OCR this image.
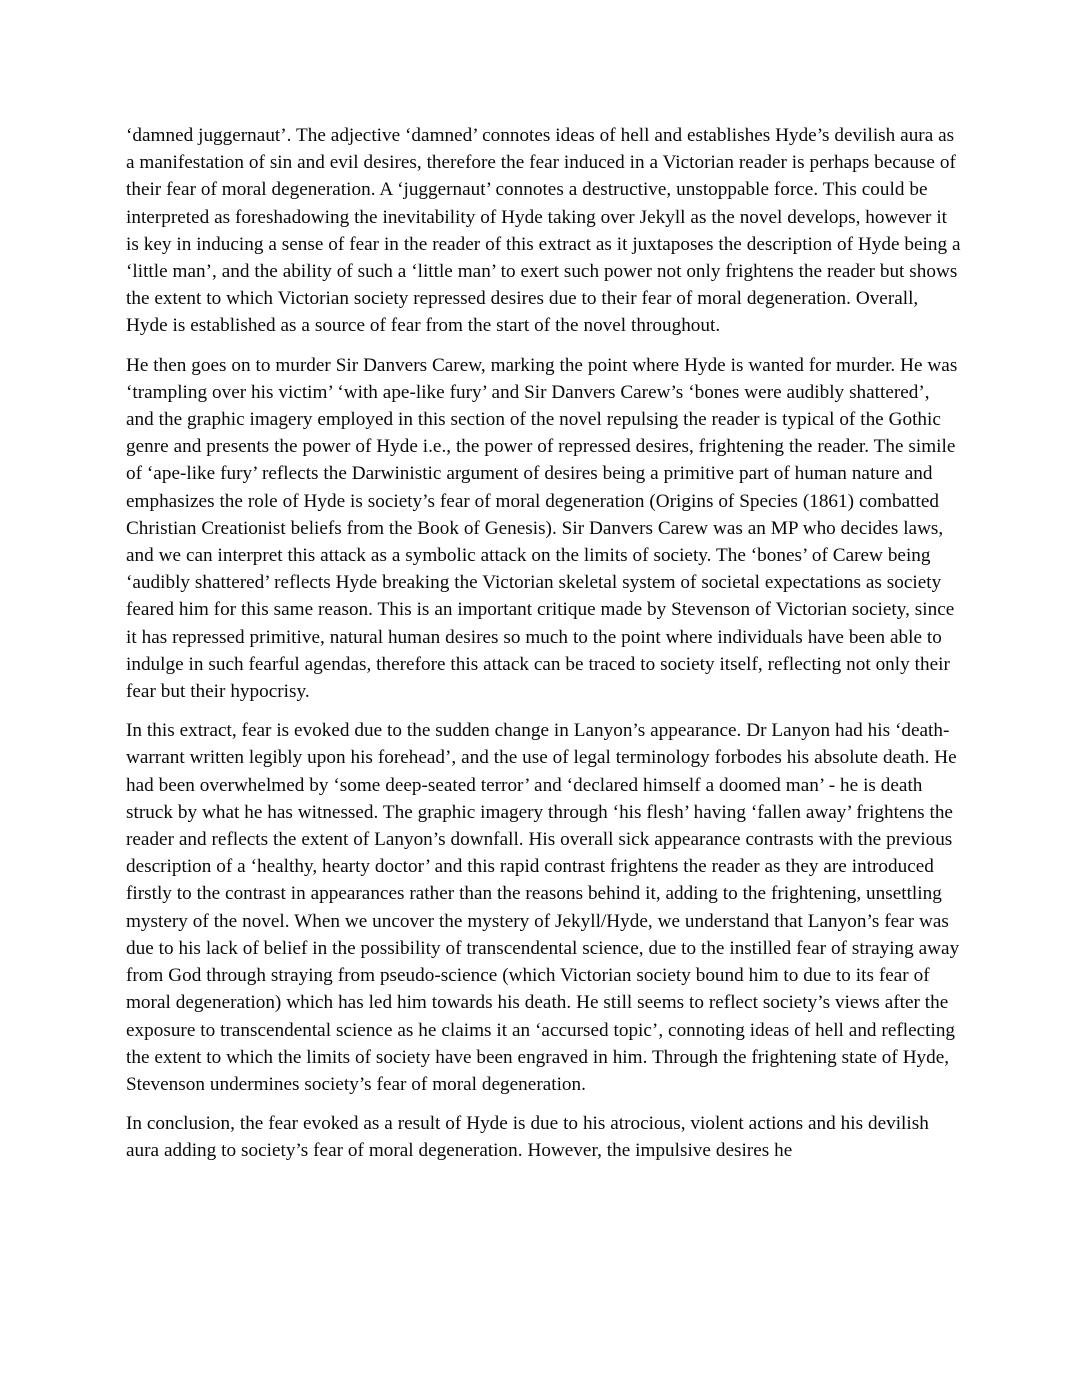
‘damned juggernaut’. The adjective ‘damned’ connotes ideas of hell and establishes Hyde’s devilish aura as a manifestation of sin and evil desires, therefore the fear induced in a Victorian reader is perhaps because of their fear of moral degeneration. A ‘juggernaut’ connotes a destructive, unstoppable force. This could be interpreted as foreshadowing the inevitability of Hyde taking over Jekyll as the novel develops, however it is key in inducing a sense of fear in the reader of this extract as it juxtaposes the description of Hyde being a ‘little man’, and the ability of such a ‘little man’ to exert such power not only frightens the reader but shows the extent to which Victorian society repressed desires due to their fear of moral degeneration. Overall, Hyde is established as a source of fear from the start of the novel throughout.

He then goes on to murder Sir Danvers Carew, marking the point where Hyde is wanted for murder. He was ‘trampling over his victim’ ‘with ape-like fury’ and Sir Danvers Carew’s ‘bones were audibly shattered’, and the graphic imagery employed in this section of the novel repulsing the reader is typical of the Gothic genre and presents the power of Hyde i.e., the power of repressed desires, frightening the reader. The simile of ‘ape-like fury’ reflects the Darwinistic argument of desires being a primitive part of human nature and emphasizes the role of Hyde is society’s fear of moral degeneration (Origins of Species (1861) combatted Christian Creationist beliefs from the Book of Genesis). Sir Danvers Carew was an MP who decides laws, and we can interpret this attack as a symbolic attack on the limits of society. The ‘bones’ of Carew being ‘audibly shattered’ reflects Hyde breaking the Victorian skeletal system of societal expectations as society feared him for this same reason. This is an important critique made by Stevenson of Victorian society, since it has repressed primitive, natural human desires so much to the point where individuals have been able to indulge in such fearful agendas, therefore this attack can be traced to society itself, reflecting not only their fear but their hypocrisy.

In this extract, fear is evoked due to the sudden change in Lanyon’s appearance. Dr Lanyon had his ‘death-warrant written legibly upon his forehead’, and the use of legal terminology forbodes his absolute death. He had been overwhelmed by ‘some deep-seated terror’ and ‘declared himself a doomed man’ - he is death struck by what he has witnessed. The graphic imagery through ‘his flesh’ having ‘fallen away’ frightens the reader and reflects the extent of Lanyon’s downfall. His overall sick appearance contrasts with the previous description of a ‘healthy, hearty doctor’ and this rapid contrast frightens the reader as they are introduced firstly to the contrast in appearances rather than the reasons behind it, adding to the frightening, unsettling mystery of the novel. When we uncover the mystery of Jekyll/Hyde, we understand that Lanyon’s fear was due to his lack of belief in the possibility of transcendental science, due to the instilled fear of straying away from God through straying from pseudo-science (which Victorian society bound him to due to its fear of moral degeneration) which has led him towards his death. He still seems to reflect society’s views after the exposure to transcendental science as he claims it an ‘accursed topic’, connoting ideas of hell and reflecting the extent to which the limits of society have been engraved in him. Through the frightening state of Hyde, Stevenson undermines society’s fear of moral degeneration.

In conclusion, the fear evoked as a result of Hyde is due to his atrocious, violent actions and his devilish aura adding to society’s fear of moral degeneration. However, the impulsive desires he
